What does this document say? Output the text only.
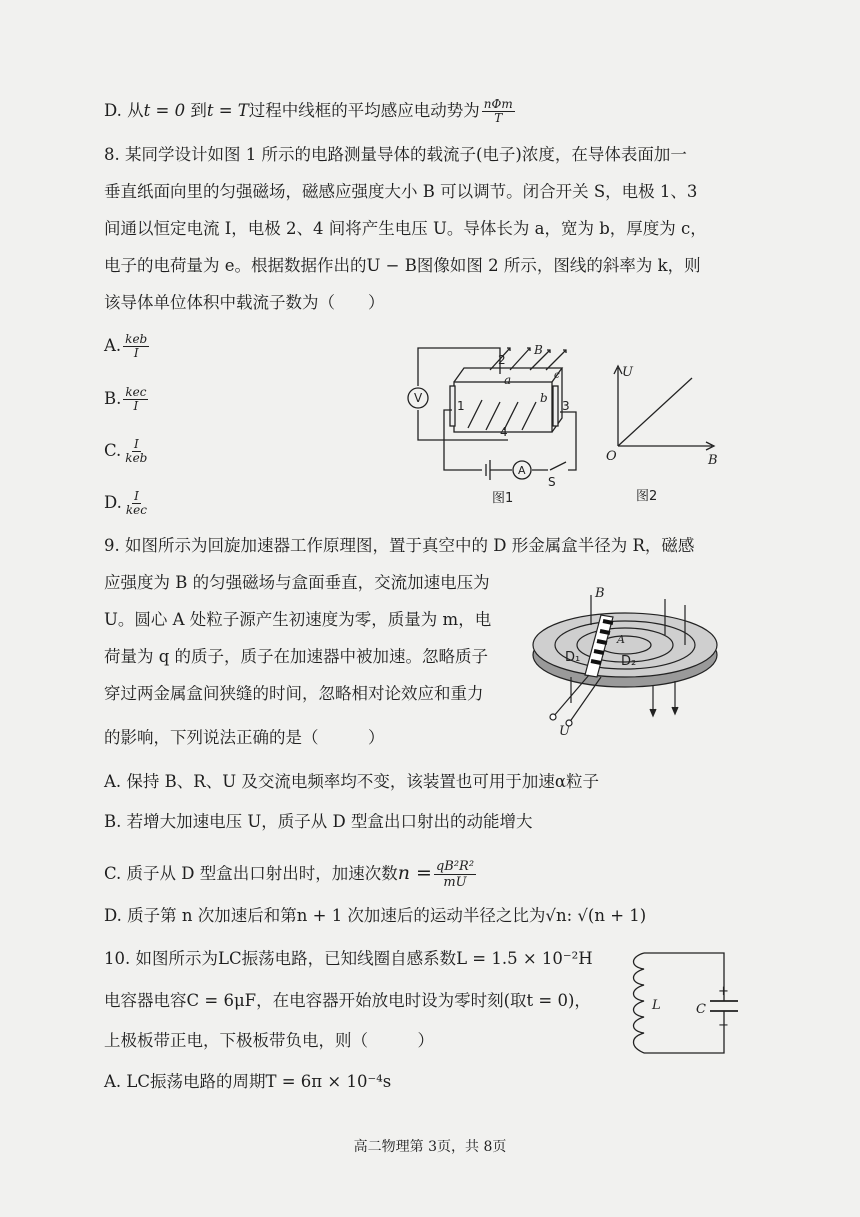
D. 从t = 0 到t = T过程中线框的平均感应电动势为 $\frac{\text{nΦm}}{T}$
8. 某同学设计如图 1 所示的电路测量导体的载流子(电子)浓度，在导体表面加一
垂直纸面向里的匀强磁场，磁感应强度大小 B 可以调节。闭合开关 S，电极 1、3
间通以恒定电流 I，电极 2、4 间将产生电压 U。导体长为 a，宽为 b，厚度为 c，
电子的电荷量为 e。根据数据作出的U − B图像如图 2 所示，图线的斜率为 k，则
该导体单位体积中载流子数为（　　）
A. $\frac{\text{keb}}{I}$
B. $\frac{\text{kec}}{I}$
C. $\frac{I}{\text{keb}}$
D. $\frac{I}{\text{kec}}$
V
A
S
B
1
2
3
4
a
b
c
图1
U
B
O
图2
9. 如图所示为回旋加速器工作原理图，置于真空中的 D 形金属盒半径为 R，磁感
应强度为 B 的匀强磁场与盒面垂直，交流加速电压为
U。圆心 A 处粒子源产生初速度为零，质量为 m，电
荷量为 q 的质子，质子在加速器中被加速。忽略质子
穿过两金属盒间狭缝的时间，忽略相对论效应和重力
的影响，下列说法正确的是（　　　）
B
A
D₁	D₂
U
A. 保持 B、R、U 及交流电频率均不变，该装置也可用于加速α粒子
B. 若增大加速电压 U，质子从 D 型盒出口射出的动能增大
C. 质子从 D 型盒出口射出时，加速次数$n = \frac{\text{qB²R²}}{mU}$
D. 质子第 n 次加速后和第n + 1 次加速后的运动半径之比为√n: √(n + 1)
10. 如图所示为LC振荡电路，已知线圈自感系数L = 1.5 × 10⁻²H
电容器电容C = 6μF，在电容器开始放电时设为零时刻(取t = 0)，
上极板带正电，下极板带负电，则（　　　）
A. LC振荡电路的周期T = 6π × 10⁻⁴s
L	C
+
−
高二物理第 3页，共 8页
